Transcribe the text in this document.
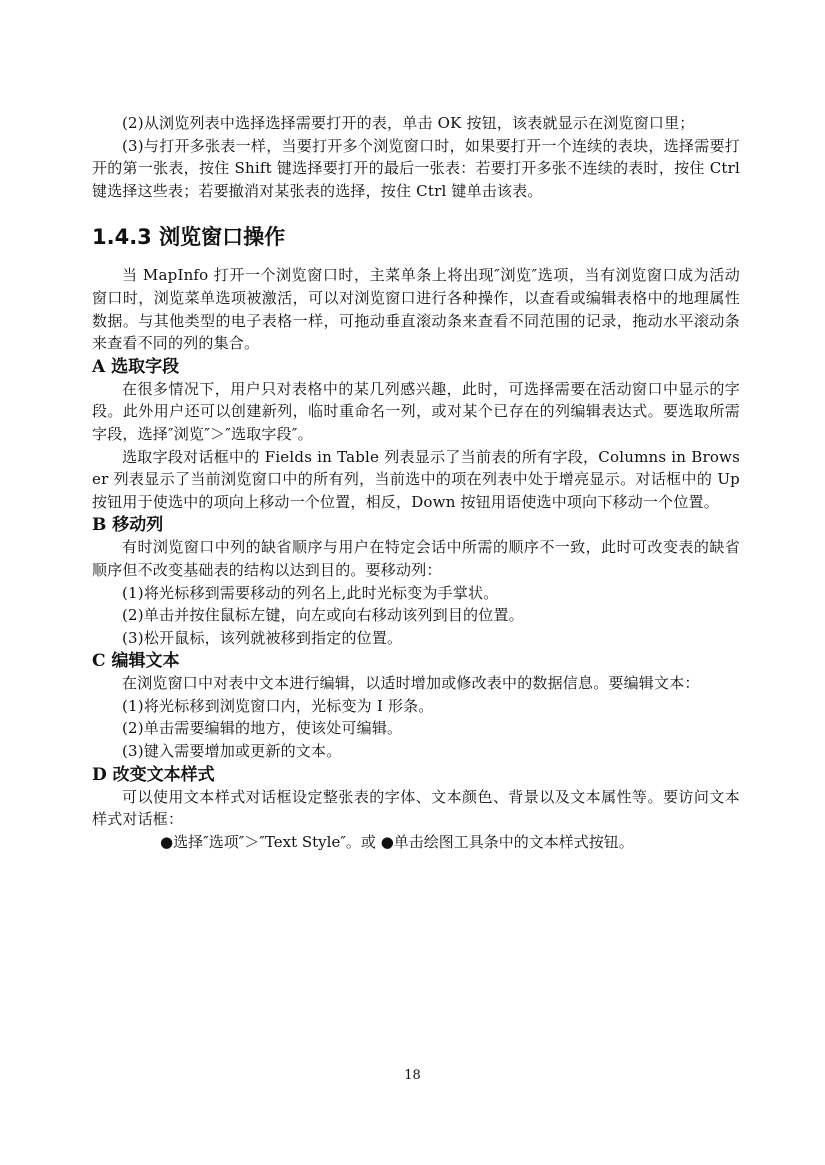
(2)从浏览列表中选择选择需要打开的表，单击 OK 按钮，该表就显示在浏览窗口里；

(3)与打开多张表一样，当要打开多个浏览窗口时，如果要打开一个连续的表块，选择需要打开的第一张表，按住 Shift 键选择要打开的最后一张表：若要打开多张不连续的表时，按住 Ctrl 键选择这些表；若要撤消对某张表的选择，按住 Ctrl 键单击该表。

1.4.3 浏览窗口操作

当 MapInfo 打开一个浏览窗口时，主菜单条上将出现″浏览″选项，当有浏览窗口成为活动窗口时，浏览菜单选项被激活，可以对浏览窗口进行各种操作，以查看或编辑表格中的地理属性数据。与其他类型的电子表格一样，可拖动垂直滚动条来查看不同范围的记录，拖动水平滚动条来查看不同的列的集合。

A 选取字段

在很多情况下，用户只对表格中的某几列感兴趣，此时，可选择需要在活动窗口中显示的字段。此外用户还可以创建新列，临时重命名一列，或对某个已存在的列编辑表达式。要选取所需字段，选择″浏览″＞″选取字段″。

选取字段对话框中的 Fields in Table 列表显示了当前表的所有字段，Columns in Browser 列表显示了当前浏览窗口中的所有列，当前选中的项在列表中处于增亮显示。对话框中的 Up 按钮用于使选中的项向上移动一个位置，相反，Down 按钮用语使选中项向下移动一个位置。

B 移动列

有时浏览窗口中列的缺省顺序与用户在特定会话中所需的顺序不一致，此时可改变表的缺省顺序但不改变基础表的结构以达到目的。要移动列：

(1)将光标移到需要移动的列名上,此时光标变为手掌状。

(2)单击并按住鼠标左键，向左或向右移动该列到目的位置。

(3)松开鼠标，该列就被移到指定的位置。

C 编辑文本

在浏览窗口中对表中文本进行编辑，以适时增加或修改表中的数据信息。要编辑文本：

(1)将光标移到浏览窗口内，光标变为 I 形条。

(2)单击需要编辑的地方，使该处可编辑。

(3)键入需要增加或更新的文本。

D 改变文本样式

可以使用文本样式对话框设定整张表的字体、文本颜色、背景以及文本属性等。要访问文本样式对话框：

●选择″选项″＞″Text Style″。或 ●单击绘图工具条中的文本样式按钮。

18
